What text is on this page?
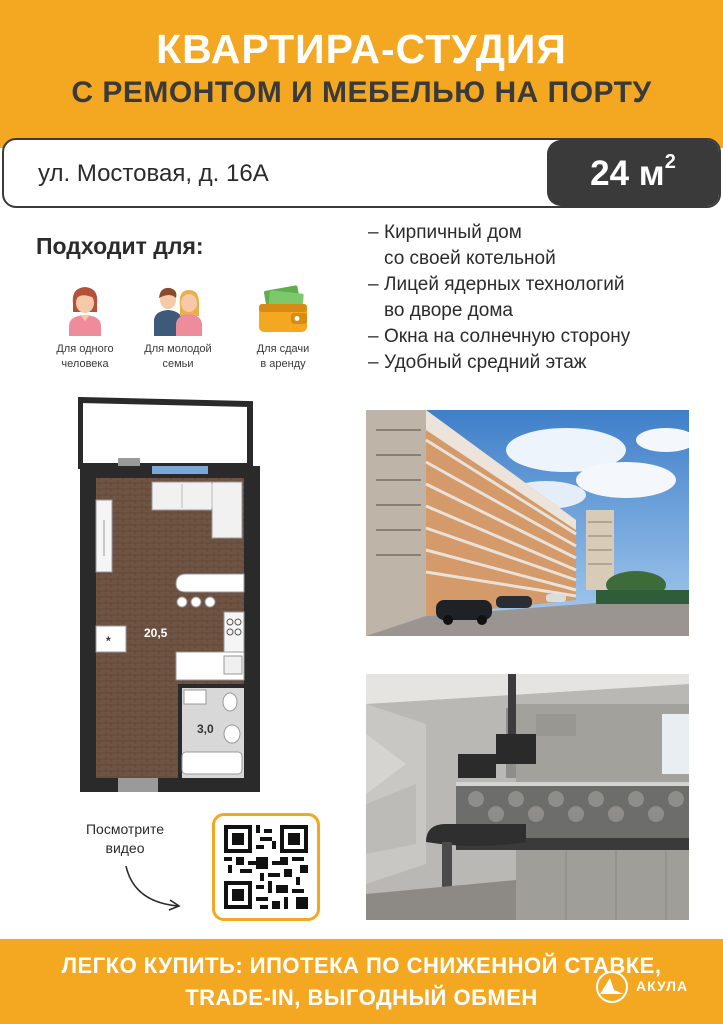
КВАРТИРА-СТУДИЯ
С РЕМОНТОМ И МЕБЕЛЬЮ НА ПОРТУ
ул. Мостовая, д. 16А	24 $м^2$
Подходит для:
Для одного
человека
Для молодой
семьи
Для сдачи
в аренду
– Кирпичный дом
со своей котельной
– Лицей ядерных технологий
во дворе дома
– Окна на солнечную сторону
– Удобный средний этаж
20,5
*
3,0
Посмотрите
видео
ЛЕГКО КУПИТЬ: ИПОТЕКА ПО СНИЖЕННОЙ СТАВКЕ,
TRADE-IN, ВЫГОДНЫЙ ОБМЕН	АКУЛА
